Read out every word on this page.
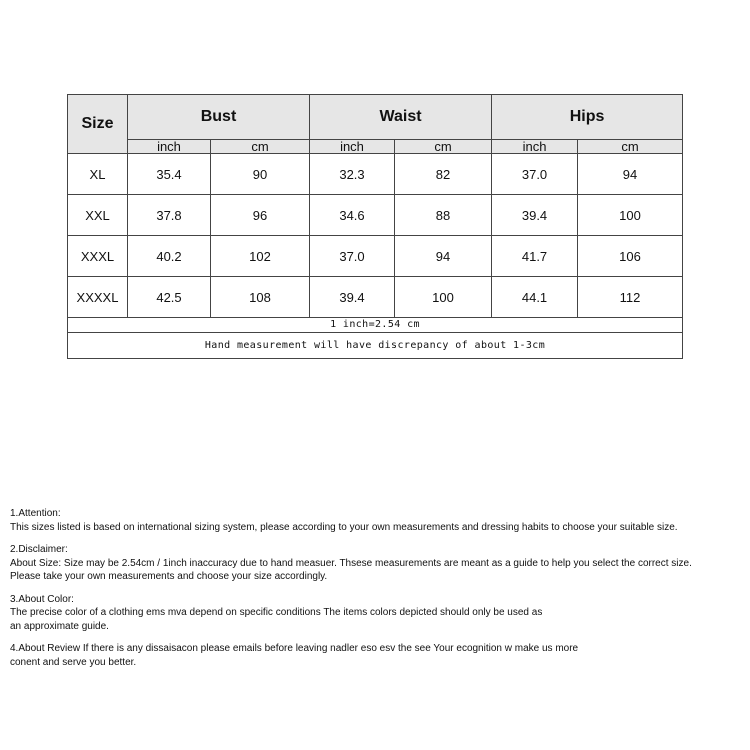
Size	Bust		Waist		Hips	
	inch	cm	inch	cm	inch	cm
XL	35.4	90	32.3	82	37.0	94
XXL	37.8	96	34.6	88	39.4	100
XXXL	40.2	102	37.0	94	41.7	106
XXXXL	42.5	108	39.4	100	44.1	112
1 inch=2.54 cm						
Hand measurement will have discrepancy of about 1-3cm						
1.Attention:
This sizes listed is based on international sizing system, please according to your own measurements and dressing habits to choose your suitable size.
2.Disclaimer:
About Size: Size may be 2.54cm / 1inch inaccuracy due to hand measuer. Thsese measurements are meant as a guide to help you select the correct size.
Please take your own measurements and choose your size accordingly.
3.About Color:
The precise color of a clothing ems mva depend on specific conditions The items colors depicted should only be used as
an approximate guide.
4.About Review If there is any dissaisacon please emails before leaving nadler eso esv the see Your ecognition w make us more
conent and serve you better.
